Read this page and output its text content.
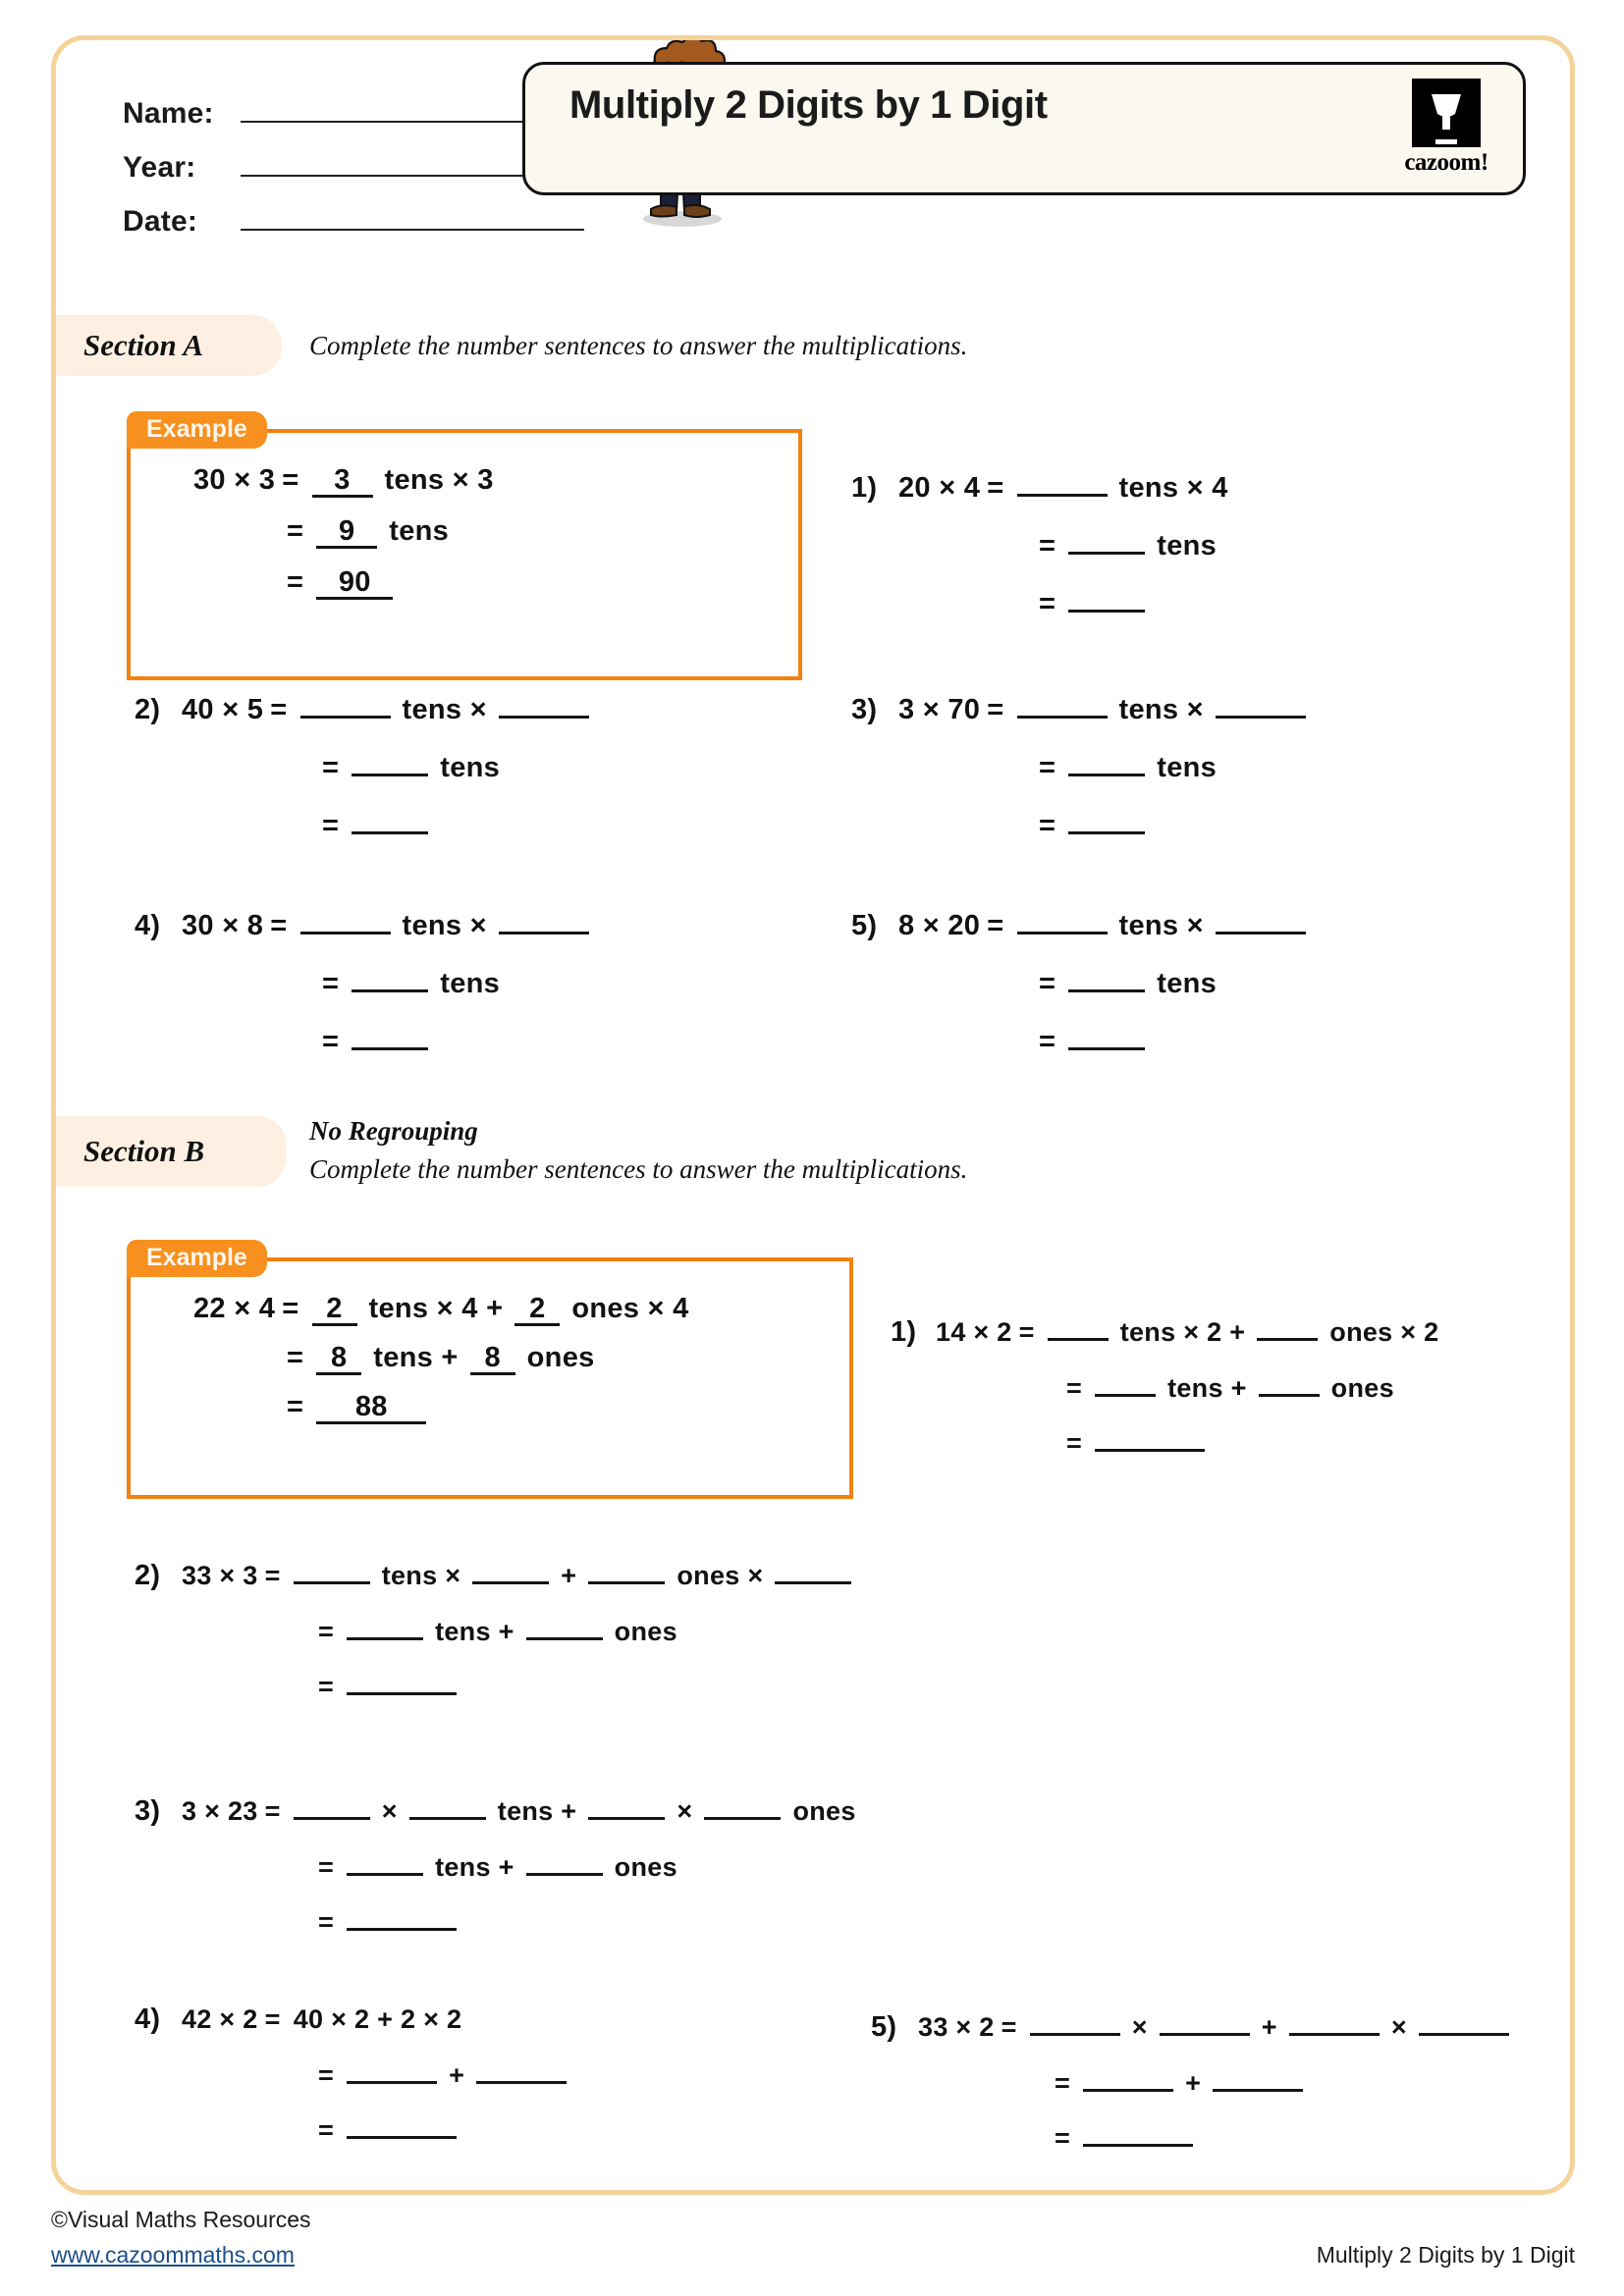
Name:
Year:
Date:
Multiply 2 Digits by 1 Digit
cazoom!
Section A	Complete the number sentences to answer the multiplications.
Example
30 × 3 =	3	tens × 3
=	9	tens
=	90
1) 20 × 4 =	tens × 4
=	tens
=
2) 40 × 5 =	tens ×
=	tens
=
3) 3 × 70 =	tens ×
=	tens
=
4) 30 × 8 =	tens ×
=	tens
=
5) 8 × 20 =	tens ×
=	tens
=
Section B
No Regrouping
Complete the number sentences to answer the multiplications.
Example
22 × 4 = 2 tens × 4 + 2 ones × 4
= 8 tens + 8 ones
=	88
1) 14 × 2 =	tens × 2 +	ones × 2
=	tens +	ones
=
2) 33 × 3 =	tens ×	+	ones ×
=	tens +	ones
=
3) 3 × 23 =	×	tens +	×	ones
=	tens +	ones
=
4) 42 × 2 = 40 × 2 + 2 × 2
=	+
=
5) 33 × 2 =	×	+	×
=	+
=
©Visual Maths Resources
www.cazoommaths.com	Multiply 2 Digits by 1 Digit
